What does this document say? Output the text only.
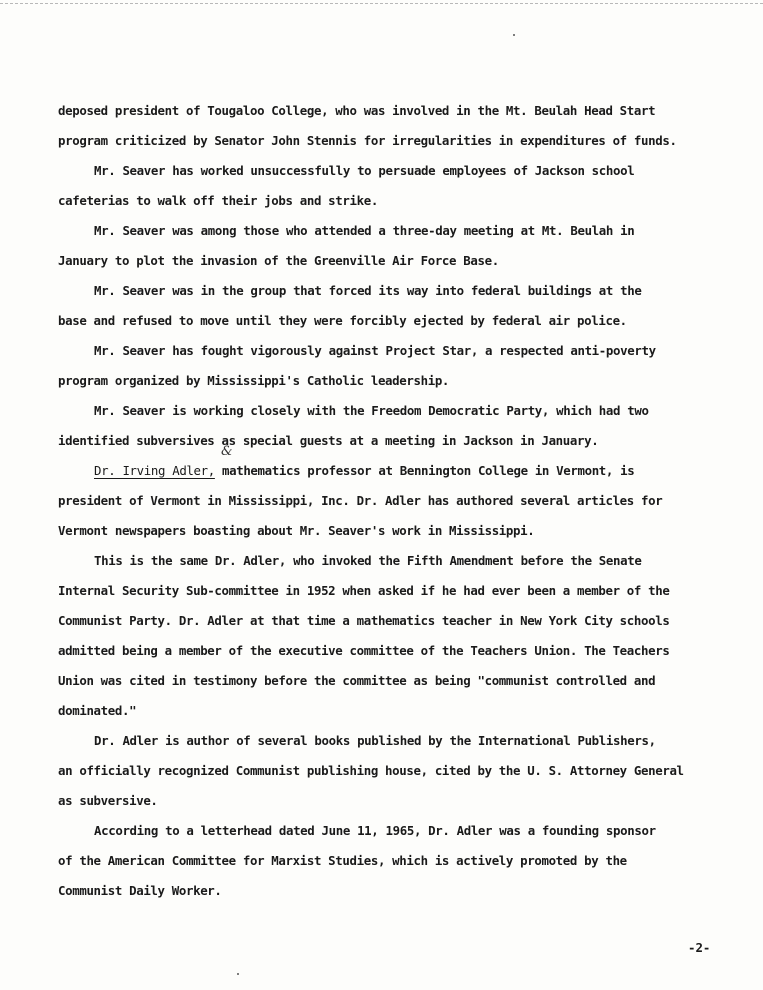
deposed president of Tougaloo College, who was involved in the Mt. Beulah Head Start
program criticized by Senator John Stennis for irregularities in expenditures of funds.
Mr. Seaver has worked unsuccessfully to persuade employees of Jackson school
cafeterias to walk off their jobs and strike.
Mr. Seaver was among those who attended a three-day meeting at Mt. Beulah in
January to plot the invasion of the Greenville Air Force Base.
Mr. Seaver was in the group that forced its way into federal buildings at the
base and refused to move until they were forcibly ejected by federal air police.
Mr. Seaver has fought vigorously against Project Star, a respected anti-poverty
program organized by Mississippi's Catholic leadership.
Mr. Seaver is working closely with the Freedom Democratic Party, which had two
identified subversives as special guests at a meeting in Jackson in January.
Dr. Irving Adler, mathematics professor at Bennington College in Vermont, is
president of Vermont in Mississippi, Inc. Dr. Adler has authored several articles for
Vermont newspapers boasting about Mr. Seaver's work in Mississippi.
This is the same Dr. Adler, who invoked the Fifth Amendment before the Senate
Internal Security Sub-committee in 1952 when asked if he had ever been a member of the
Communist Party. Dr. Adler at that time a mathematics teacher in New York City schools
admitted being a member of the executive committee of the Teachers Union. The Teachers
Union was cited in testimony before the committee as being "communist controlled and
dominated."
Dr. Adler is author of several books published by the International Publishers,
an officially recognized Communist publishing house, cited by the U. S. Attorney General
as subversive.
According to a letterhead dated June 11, 1965, Dr. Adler was a founding sponsor
of the American Committee for Marxist Studies, which is actively promoted by the
Communist Daily Worker.
&
-2-
